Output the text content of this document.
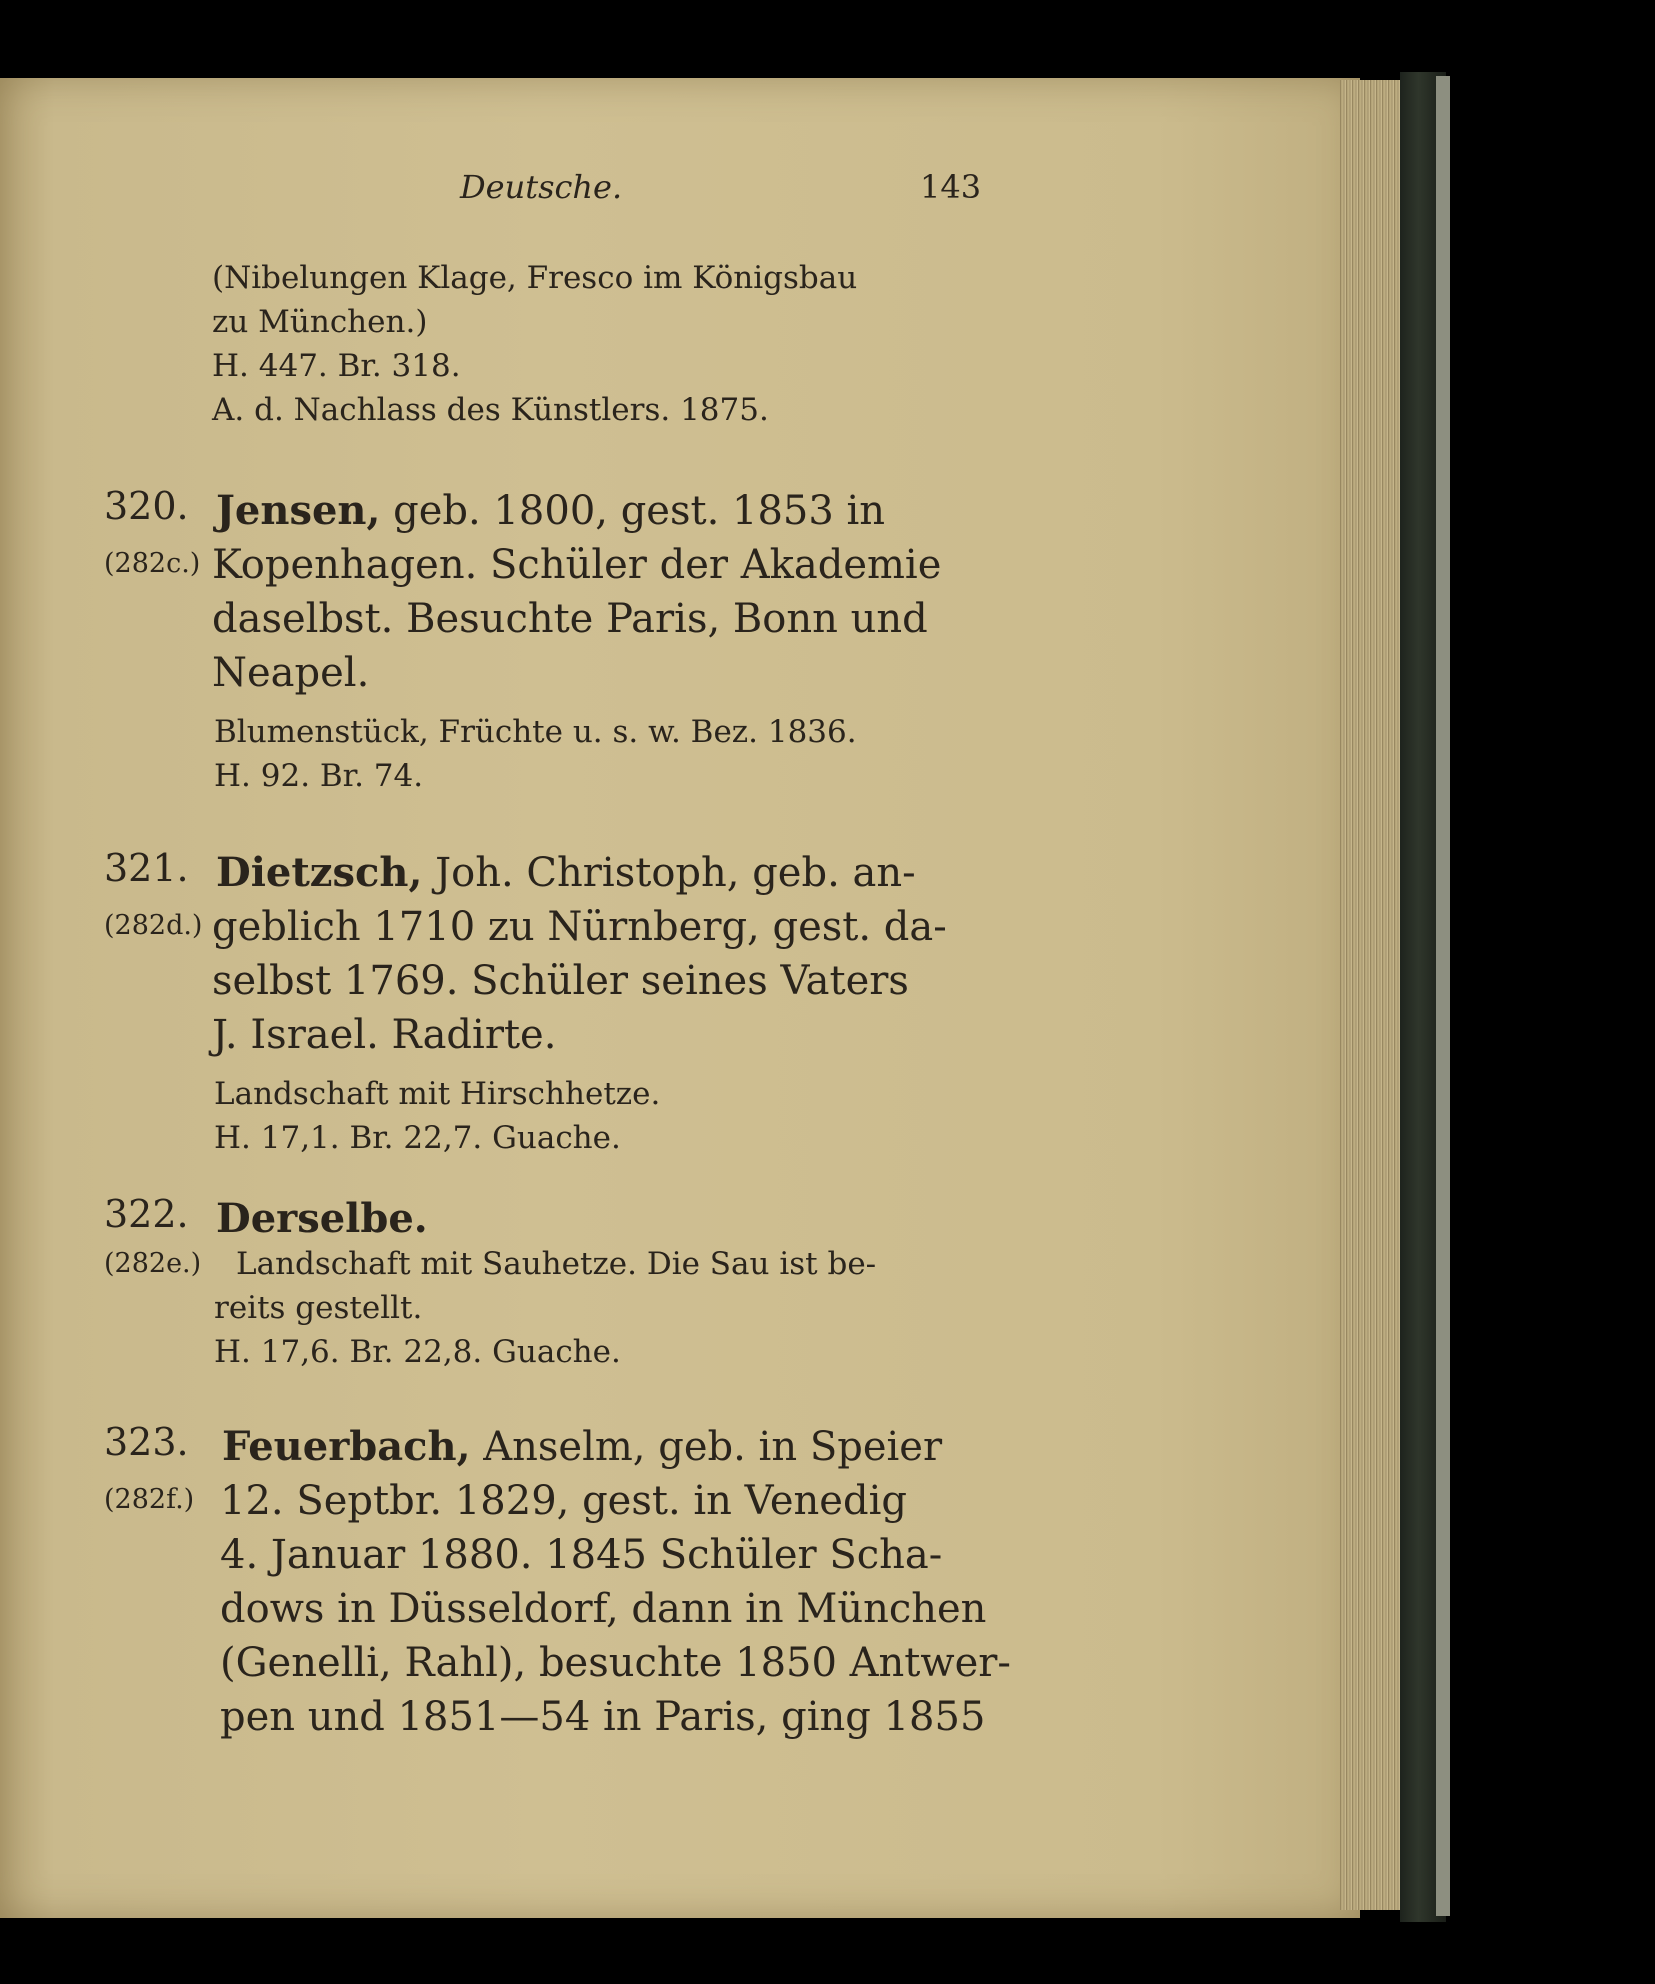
Deutsche.	143
(Nibelungen Klage, Fresco im Königsbau
zu München.)
H. 447. Br. 318.
A. d. Nachlass des Künstlers. 1875.
320. Jensen, geb. 1800, gest. 1853 in
(282c.) Kopenhagen. Schüler der Akademie
daselbst. Besuchte Paris, Bonn und
Neapel.
Blumenstück, Früchte u. s. w. Bez. 1836.
H. 92. Br. 74.
321. Dietzsch, Joh. Christoph, geb. an-
(282d.) geblich 1710 zu Nürnberg, gest. da-
selbst 1769. Schüler seines Vaters
J. Israel. Radirte.
Landschaft mit Hirschhetze.
H. 17,1. Br. 22,7. Guache.
322. Derselbe.
(282e.) Landschaft mit Sauhetze. Die Sau ist be-
reits gestellt.
H. 17,6. Br. 22,8. Guache.
323. Feuerbach, Anselm, geb. in Speier
(282f.) 12. Septbr. 1829, gest. in Venedig
4. Januar 1880. 1845 Schüler Scha-
dows in Düsseldorf, dann in München
(Genelli, Rahl), besuchte 1850 Antwer-
pen und 1851—54 in Paris, ging 1855
